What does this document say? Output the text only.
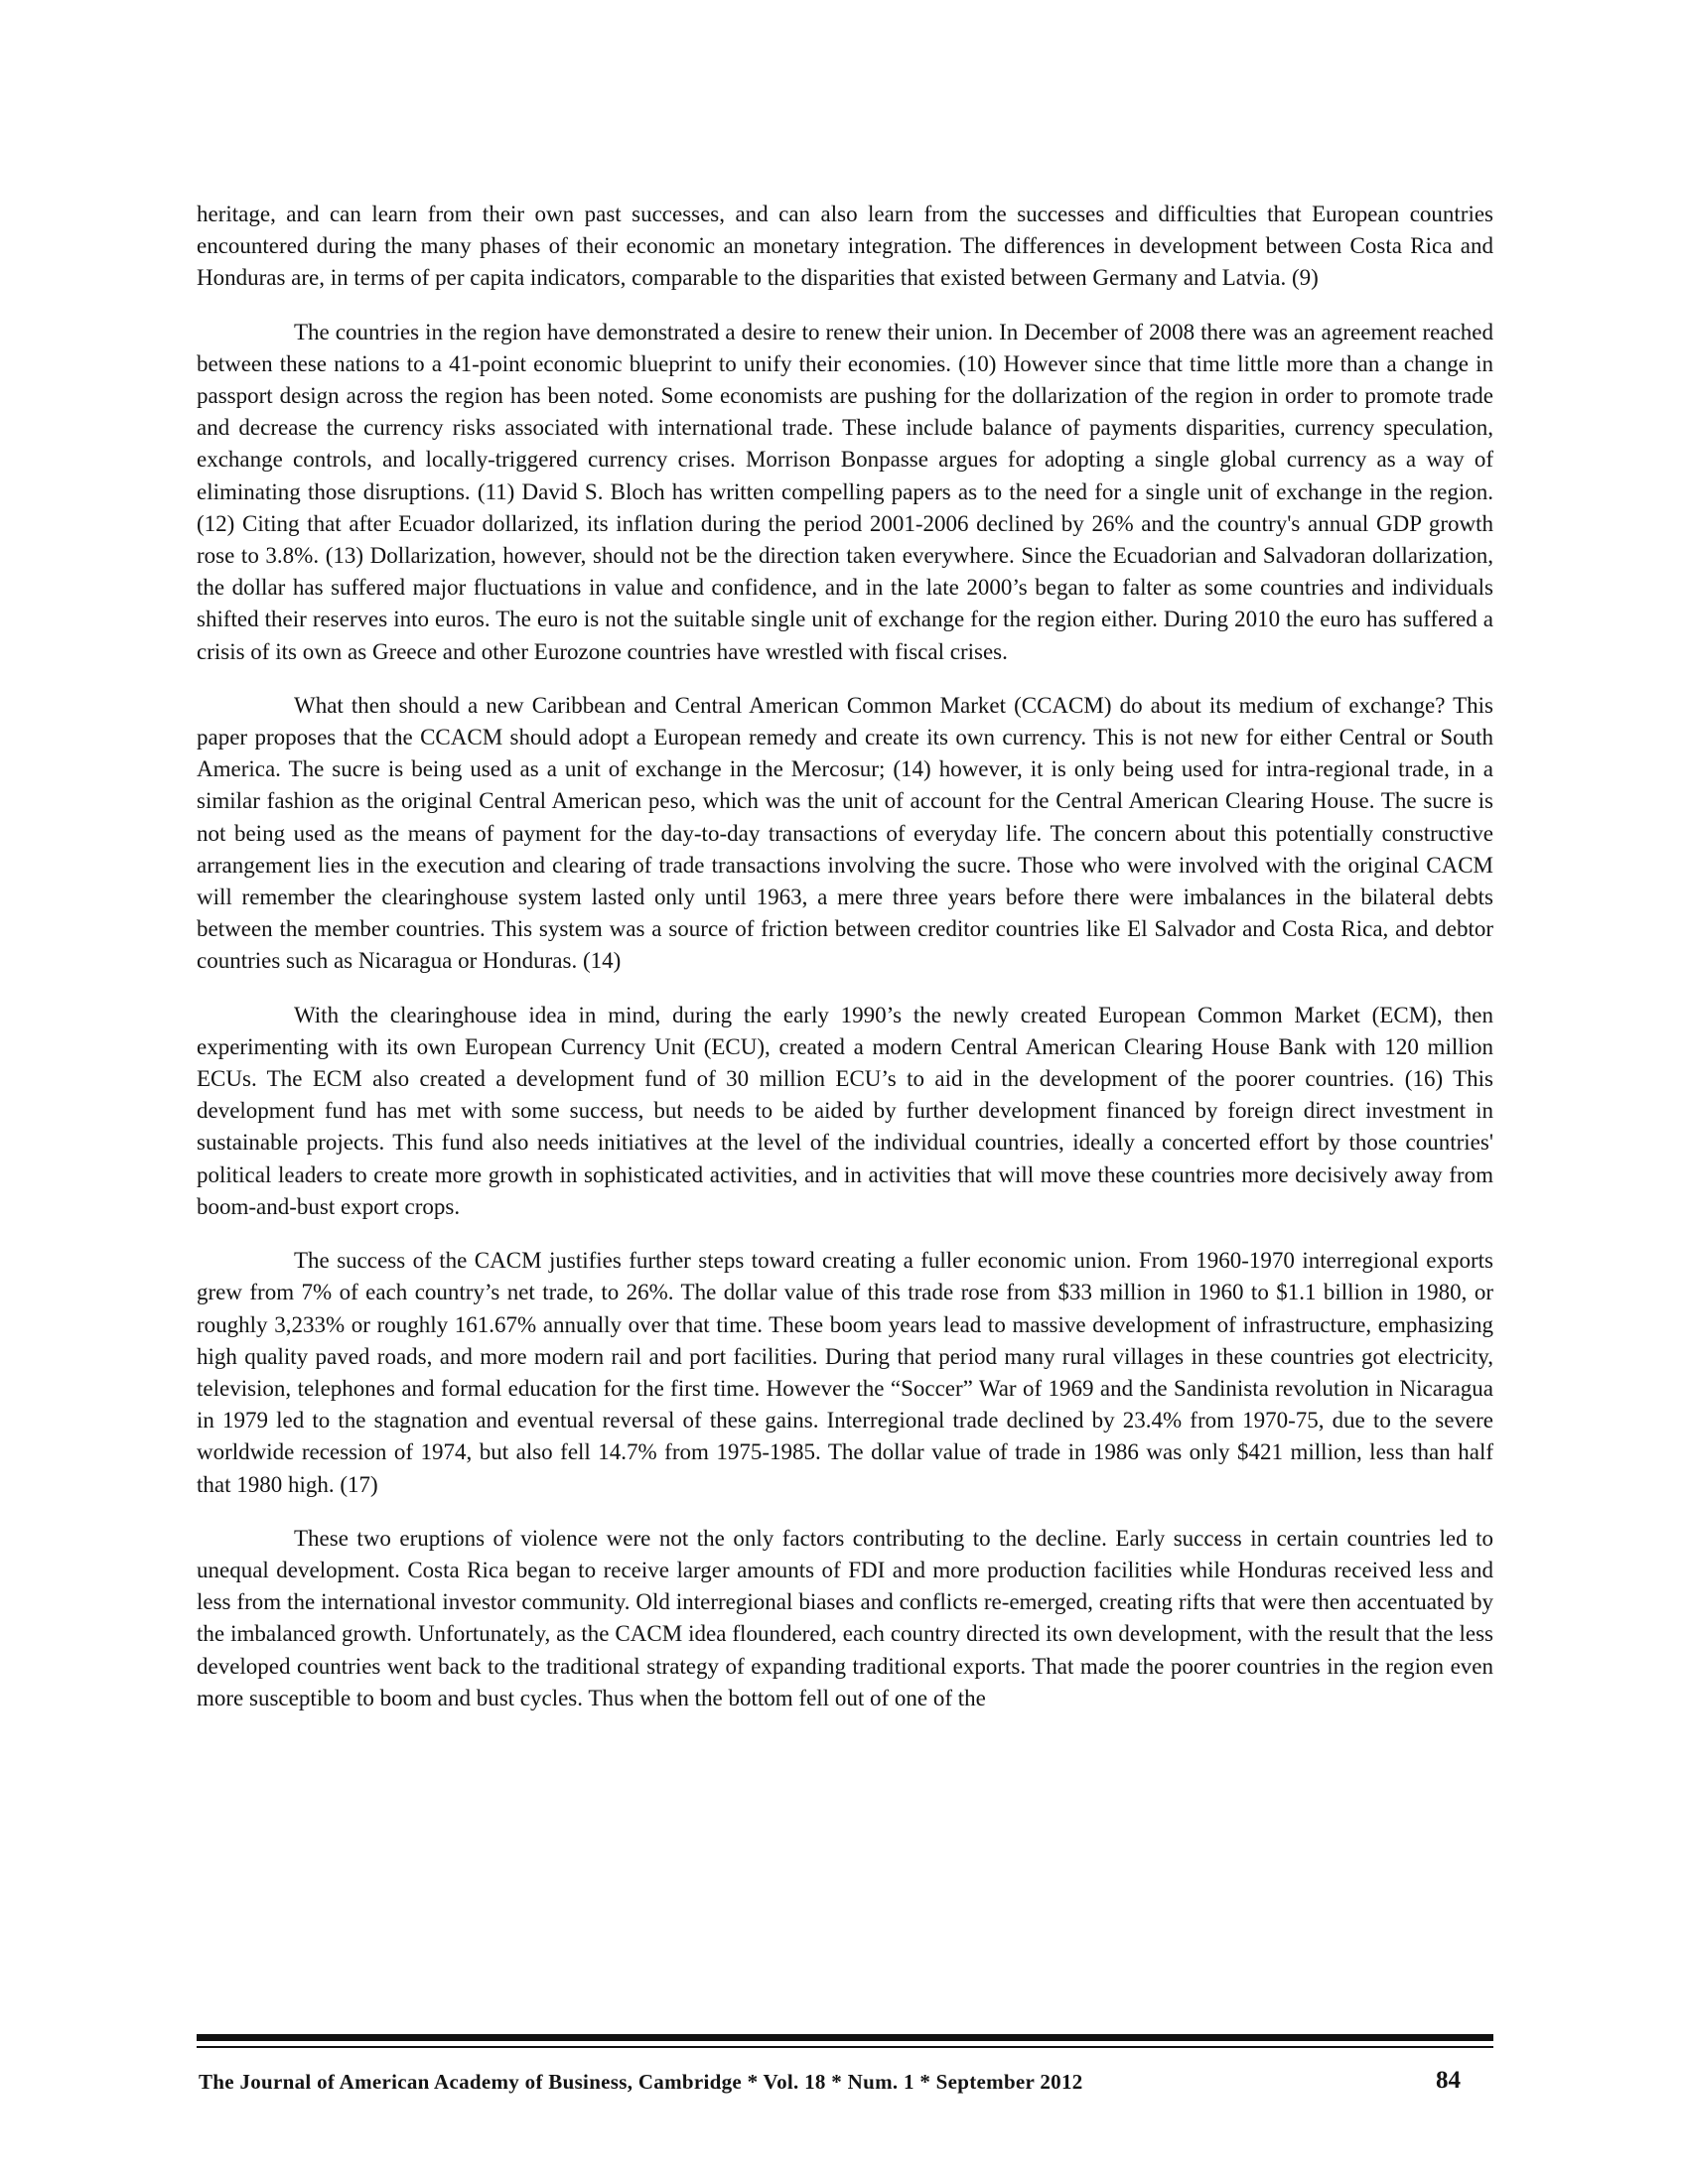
heritage, and can learn from their own past successes, and can also learn from the successes and difficulties that European countries encountered during the many phases of their economic an monetary integration. The differences in development between Costa Rica and Honduras are, in terms of per capita indicators, comparable to the disparities that existed between Germany and Latvia. (9)

The countries in the region have demonstrated a desire to renew their union. In December of 2008 there was an agreement reached between these nations to a 41-point economic blueprint to unify their economies. (10) However since that time little more than a change in passport design across the region has been noted. Some economists are pushing for the dollarization of the region in order to promote trade and decrease the currency risks associated with international trade. These include balance of payments disparities, currency speculation, exchange controls, and locally-triggered currency crises. Morrison Bonpasse argues for adopting a single global currency as a way of eliminating those disruptions. (11) David S. Bloch has written compelling papers as to the need for a single unit of exchange in the region. (12) Citing that after Ecuador dollarized, its inflation during the period 2001-2006 declined by 26% and the country's annual GDP growth rose to 3.8%. (13) Dollarization, however, should not be the direction taken everywhere. Since the Ecuadorian and Salvadoran dollarization, the dollar has suffered major fluctuations in value and confidence, and in the late 2000’s began to falter as some countries and individuals shifted their reserves into euros. The euro is not the suitable single unit of exchange for the region either. During 2010 the euro has suffered a crisis of its own as Greece and other Eurozone countries have wrestled with fiscal crises.

What then should a new Caribbean and Central American Common Market (CCACM) do about its medium of exchange? This paper proposes that the CCACM should adopt a European remedy and create its own currency. This is not new for either Central or South America. The sucre is being used as a unit of exchange in the Mercosur; (14) however, it is only being used for intra-regional trade, in a similar fashion as the original Central American peso, which was the unit of account for the Central American Clearing House. The sucre is not being used as the means of payment for the day-to-day transactions of everyday life. The concern about this potentially constructive arrangement lies in the execution and clearing of trade transactions involving the sucre. Those who were involved with the original CACM will remember the clearinghouse system lasted only until 1963, a mere three years before there were imbalances in the bilateral debts between the member countries. This system was a source of friction between creditor countries like El Salvador and Costa Rica, and debtor countries such as Nicaragua or Honduras. (14)

With the clearinghouse idea in mind, during the early 1990’s the newly created European Common Market (ECM), then experimenting with its own European Currency Unit (ECU), created a modern Central American Clearing House Bank with 120 million ECUs. The ECM also created a development fund of 30 million ECU’s to aid in the development of the poorer countries. (16) This development fund has met with some success, but needs to be aided by further development financed by foreign direct investment in sustainable projects. This fund also needs initiatives at the level of the individual countries, ideally a concerted effort by those countries' political leaders to create more growth in sophisticated activities, and in activities that will move these countries more decisively away from boom-and-bust export crops.

The success of the CACM justifies further steps toward creating a fuller economic union. From 1960-1970 interregional exports grew from 7% of each country’s net trade, to 26%. The dollar value of this trade rose from $33 million in 1960 to $1.1 billion in 1980, or roughly 3,233% or roughly 161.67% annually over that time. These boom years lead to massive development of infrastructure, emphasizing high quality paved roads, and more modern rail and port facilities. During that period many rural villages in these countries got electricity, television, telephones and formal education for the first time. However the “Soccer” War of 1969 and the Sandinista revolution in Nicaragua in 1979 led to the stagnation and eventual reversal of these gains. Interregional trade declined by 23.4% from 1970-75, due to the severe worldwide recession of 1974, but also fell 14.7% from 1975-1985. The dollar value of trade in 1986 was only $421 million, less than half that 1980 high. (17)

These two eruptions of violence were not the only factors contributing to the decline. Early success in certain countries led to unequal development. Costa Rica began to receive larger amounts of FDI and more production facilities while Honduras received less and less from the international investor community. Old interregional biases and conflicts re-emerged, creating rifts that were then accentuated by the imbalanced growth. Unfortunately, as the CACM idea floundered, each country directed its own development, with the result that the less developed countries went back to the traditional strategy of expanding traditional exports. That made the poorer countries in the region even more susceptible to boom and bust cycles. Thus when the bottom fell out of one of the

The Journal of American Academy of Business, Cambridge * Vol. 18 * Num. 1 * September 2012	84
